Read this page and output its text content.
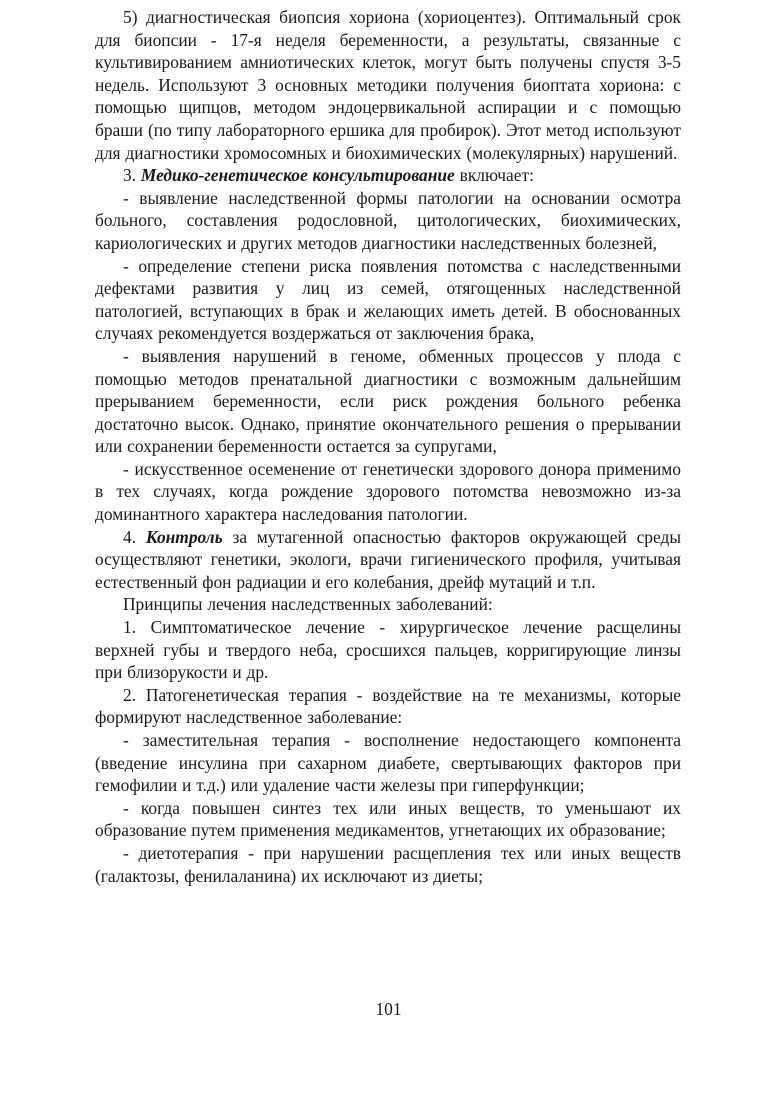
5) диагностическая биопсия хориона (хориоцентез). Оптимальный срок для биопсии - 17-я неделя беременности, а результаты, связанные с культивированием амниотических клеток, могут быть получены спустя 3-5 недель. Используют 3 основных методики получения биоптата хориона: с помощью щипцов, методом эндоцервикальной аспирации и с помощью браши (по типу лабораторного ершика для пробирок). Этот метод используют для диагностики хромосомных и биохимических (молекулярных) нарушений.

3. Медико-генетическое консультирование включает:

- выявление наследственной формы патологии на основании осмотра больного, составления родословной, цитологических, биохимических, кариологических и других методов диагностики наследственных болезней,

- определение степени риска появления потомства с наследственными дефектами развития у лиц из семей, отягощенных наследственной патологией, вступающих в брак и желающих иметь детей. В обоснованных случаях рекомендуется воздержаться от заключения брака,

- выявления нарушений в геноме, обменных процессов у плода с помощью методов пренатальной диагностики с возможным дальнейшим прерыванием беременности, если риск рождения больного ребенка достаточно высок. Однако, принятие окончательного решения о прерывании или сохранении беременности остается за супругами,

- искусственное осеменение от генетически здорового донора применимо в тех случаях, когда рождение здорового потомства невозможно из-за доминантного характера наследования патологии.

4. Контроль за мутагенной опасностью факторов окружающей среды осуществляют генетики, экологи, врачи гигиенического профиля, учитывая естественный фон радиации и его колебания, дрейф мутаций и т.п.

Принципы лечения наследственных заболеваний:

1. Симптоматическое лечение - хирургическое лечение расщелины верхней губы и твердого неба, сросшихся пальцев, корригирующие линзы при близорукости и др.

2. Патогенетическая терапия - воздействие на те механизмы, которые формируют наследственное заболевание:

- заместительная терапия - восполнение недостающего компонента (введение инсулина при сахарном диабете, свертывающих факторов при гемофилии и т.д.) или удаление части железы при гиперфункции;

- когда повышен синтез тех или иных веществ, то уменьшают их образование путем применения медикаментов, угнетающих их образование;

- диетотерапия - при нарушении расщепления тех или иных веществ (галактозы, фенилаланина) их исключают из диеты;

101
